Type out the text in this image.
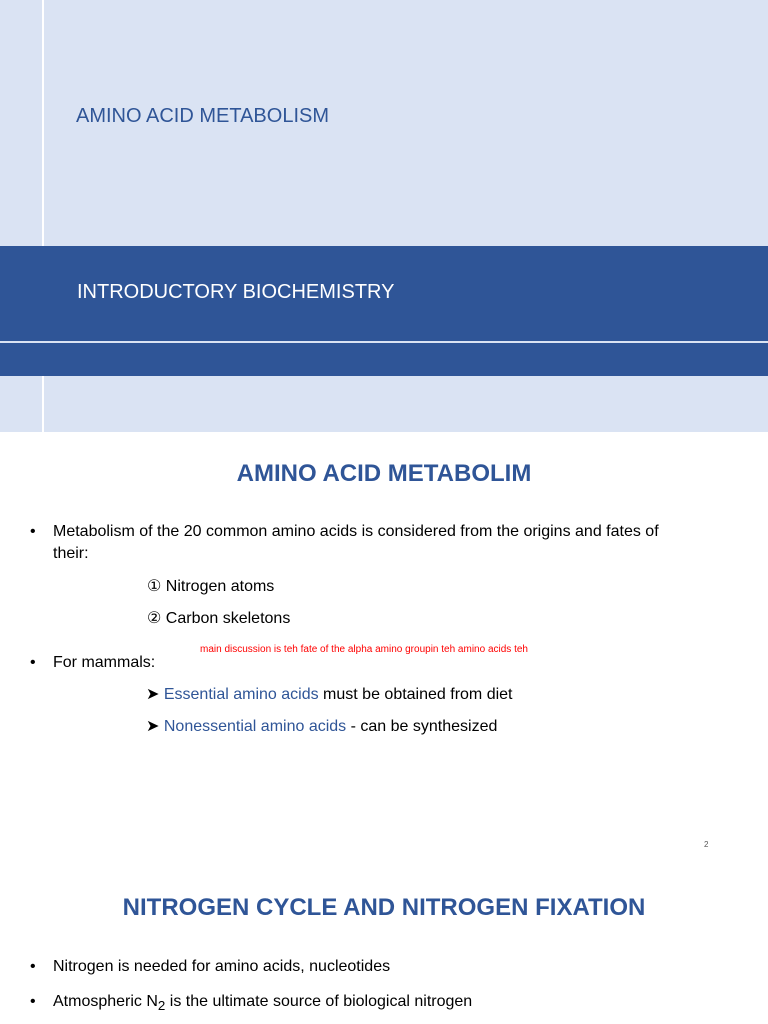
AMINO ACID METABOLISM
INTRODUCTORY BIOCHEMISTRY
AMINO ACID METABOLIM
• Metabolism of the 20 common amino acids is considered from the origins and fates of
their:
① Nitrogen atoms
② Carbon skeletons
main discussion is teh fate of the alpha amino groupin teh amino acids teh
• For mammals:
➤ Essential amino acids must be obtained from diet
➤ Nonessential amino acids - can be synthesized
2
NITROGEN CYCLE AND NITROGEN FIXATION
• Nitrogen is needed for amino acids, nucleotides
• Atmospheric $N_2$ is the ultimate source of biological nitrogen
